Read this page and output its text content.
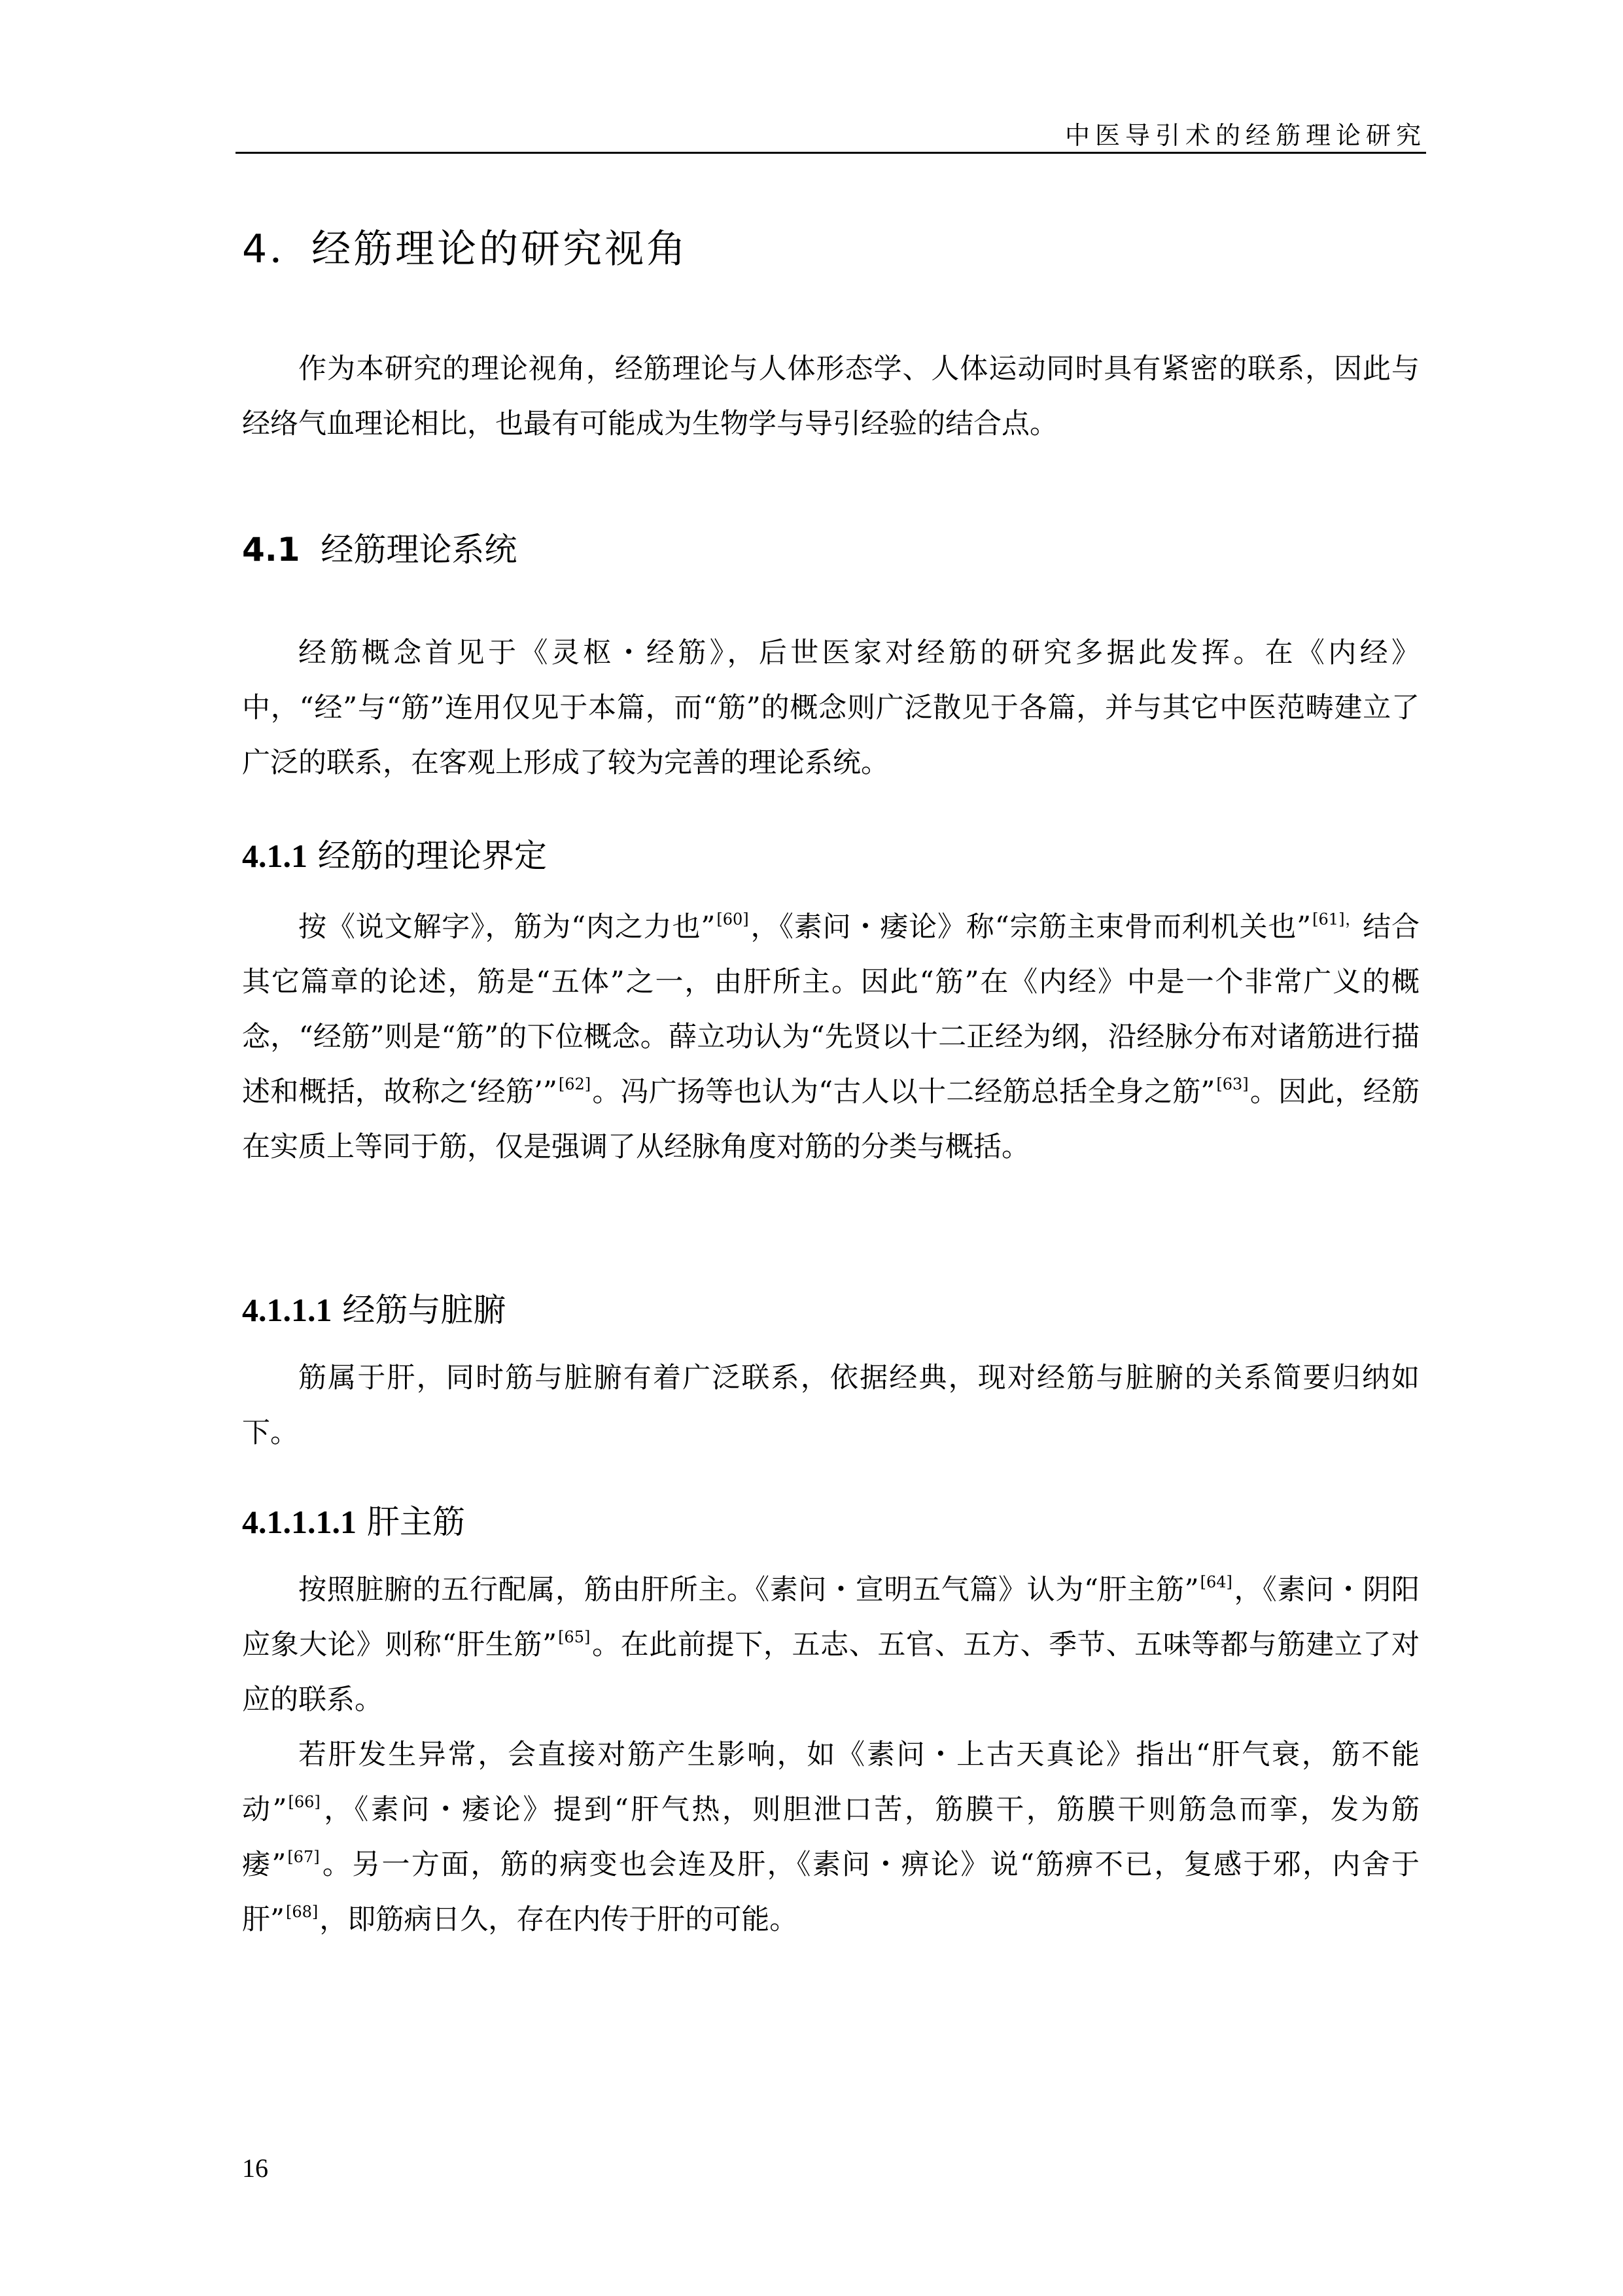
中医导引术的经筋理论研究
4．经筋理论的研究视角

作为本研究的理论视角，经筋理论与人体形态学、人体运动同时具有紧密的联系，因此与经络气血理论相比，也最有可能成为生物学与导引经验的结合点。

4.1 经筋理论系统

经筋概念首见于《灵枢・经筋》，后世医家对经筋的研究多据此发挥。在《内经》中，“经”与“筋”连用仅见于本篇，而“筋”的概念则广泛散见于各篇，并与其它中医范畴建立了广泛的联系，在客观上形成了较为完善的理论系统。

4.1.1 经筋的理论界定

按《说文解字》，筋为“肉之力也”[60]，《素问・痿论》称“宗筋主束骨而利机关也”$^{[61],}$结合其它篇章的论述，筋是“五体”之一，由肝所主。因此“筋”在《内经》中是一个非常广义的概念，“经筋”则是“筋”的下位概念。薛立功认为“先贤以十二正经为纲，沿经脉分布对诸筋进行描述和概括，故称之‘经筋’”[62]。冯广扬等也认为“古人以十二经筋总括全身之筋”[63]。因此，经筋在实质上等同于筋，仅是强调了从经脉角度对筋的分类与概括。

4.1.1.1 经筋与脏腑

筋属于肝，同时筋与脏腑有着广泛联系，依据经典，现对经筋与脏腑的关系简要归纳如下。

4.1.1.1.1 肝主筋

按照脏腑的五行配属，筋由肝所主。《素问・宣明五气篇》认为“肝主筋”[64]，《素问・阴阳应象大论》则称“肝生筋”[65]。在此前提下，五志、五官、五方、季节、五味等都与筋建立了对应的联系。

若肝发生异常，会直接对筋产生影响，如《素问・上古天真论》指出“肝气衰，筋不能动”[66]，《素问・痿论》提到“肝气热，则胆泄口苦，筋膜干，筋膜干则筋急而挛，发为筋痿”[67]。另一方面，筋的病变也会连及肝，《素问・痹论》说“筋痹不已，复感于邪，内舍于肝”[68]，即筋病日久，存在内传于肝的可能。

16
